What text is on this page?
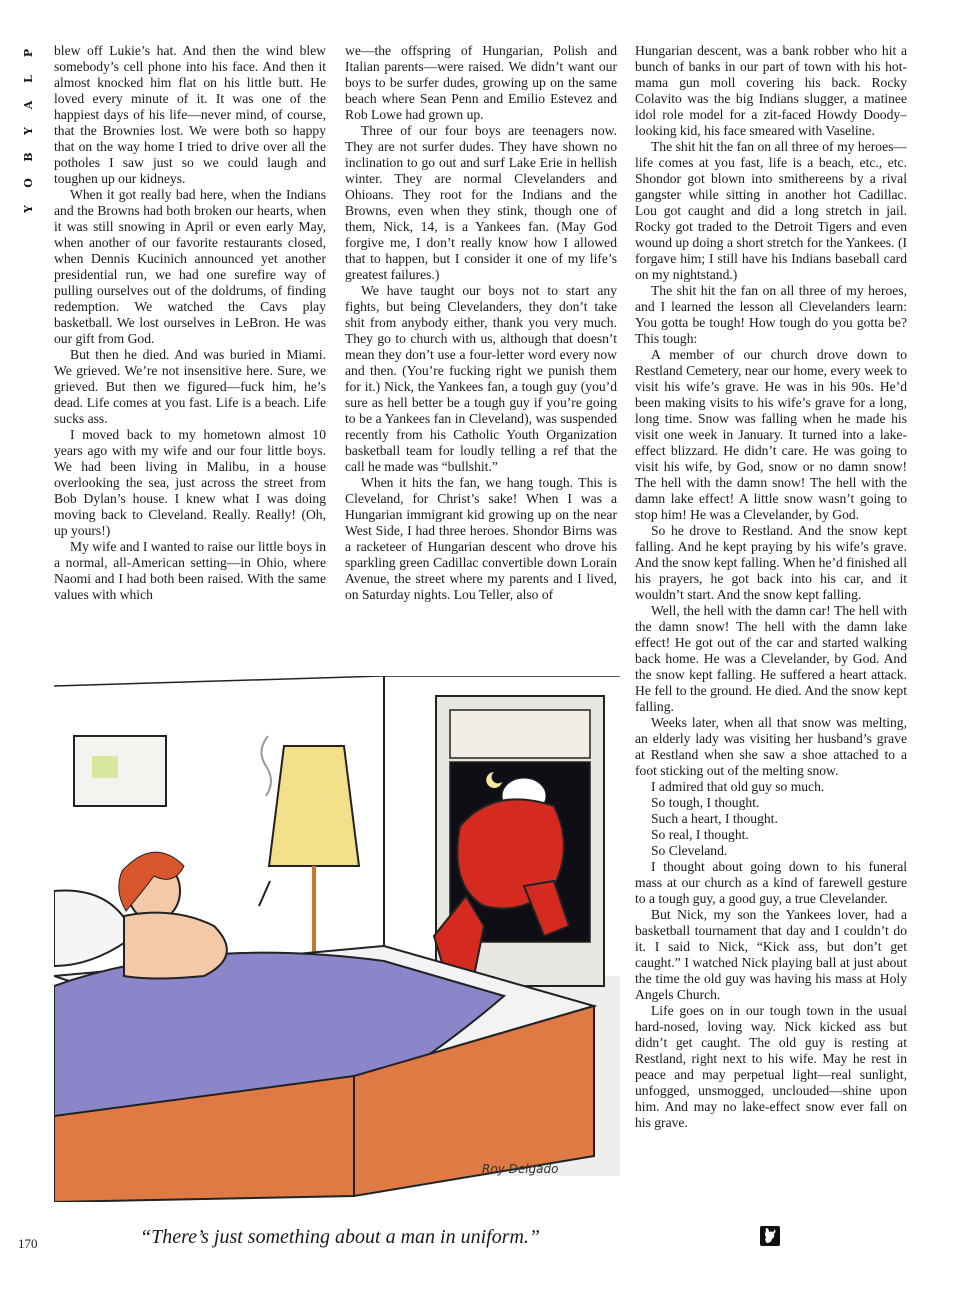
P
L
A
Y
B
O
Y

blew off Lukie’s hat. And then the wind blew somebody’s cell phone into his face. And then it almost knocked him flat on his little butt. He loved every minute of it. It was one of the happiest days of his life—never mind, of course, that the Brownies lost. We were both so happy that on the way home I tried to drive over all the potholes I saw just so we could laugh and toughen up our kidneys.

When it got really bad here, when the Indians and the Browns had both broken our hearts, when it was still snowing in April or even early May, when another of our favorite restaurants closed, when Dennis Kucinich announced yet another presidential run, we had one surefire way of pulling ourselves out of the doldrums, of finding redemption. We watched the Cavs play basketball. We lost ourselves in LeBron. He was our gift from God.

But then he died. And was buried in Miami. We grieved. We’re not insensitive here. Sure, we grieved. But then we figured—fuck him, he’s dead. Life comes at you fast. Life is a beach. Life sucks ass.

I moved back to my hometown almost 10 years ago with my wife and our four little boys. We had been living in Malibu, in a house overlooking the sea, just across the street from Bob Dylan’s house. I knew what I was doing moving back to Cleveland. Really. Really! (Oh, up yours!)

My wife and I wanted to raise our little boys in a normal, all-American setting—in Ohio, where Naomi and I had both been raised. With the same values with which

we—the offspring of Hungarian, Polish and Italian parents—were raised. We didn’t want our boys to be surfer dudes, growing up on the same beach where Sean Penn and Emilio Estevez and Rob Lowe had grown up.

Three of our four boys are teenagers now. They are not surfer dudes. They have shown no inclination to go out and surf Lake Erie in hellish winter. They are normal Clevelanders and Ohioans. They root for the Indians and the Browns, even when they stink, though one of them, Nick, 14, is a Yankees fan. (May God forgive me, I don’t really know how I allowed that to happen, but I consider it one of my life’s greatest failures.)

We have taught our boys not to start any fights, but being Clevelanders, they don’t take shit from anybody either, thank you very much. They go to church with us, although that doesn’t mean they don’t use a four-letter word every now and then. (You’re fucking right we punish them for it.) Nick, the Yankees fan, a tough guy (you’d sure as hell better be a tough guy if you’re going to be a Yankees fan in Cleveland), was suspended recently from his Catholic Youth Organization basketball team for loudly telling a ref that the call he made was “bullshit.”

When it hits the fan, we hang tough. This is Cleveland, for Christ’s sake! When I was a Hungarian immigrant kid growing up on the near West Side, I had three heroes. Shondor Birns was a racketeer of Hungarian descent who drove his sparkling green Cadillac convertible down Lorain Avenue, the street where my parents and I lived, on Saturday nights. Lou Teller, also of

Hungarian descent, was a bank robber who hit a bunch of banks in our part of town with his hot-mama gun moll covering his back. Rocky Colavito was the big Indians slugger, a matinee idol role model for a zit-faced Howdy Doody–looking kid, his face smeared with Vaseline.

The shit hit the fan on all three of my heroes—life comes at you fast, life is a beach, etc., etc. Shondor got blown into smithereens by a rival gangster while sitting in another hot Cadillac. Lou got caught and did a long stretch in jail. Rocky got traded to the Detroit Tigers and even wound up doing a short stretch for the Yankees. (I forgave him; I still have his Indians baseball card on my nightstand.)

The shit hit the fan on all three of my heroes, and I learned the lesson all Clevelanders learn: You gotta be tough! How tough do you gotta be? This tough:

A member of our church drove down to Restland Cemetery, near our home, every week to visit his wife’s grave. He was in his 90s. He’d been making visits to his wife’s grave for a long, long time. Snow was falling when he made his visit one week in January. It turned into a lake-effect blizzard. He didn’t care. He was going to visit his wife, by God, snow or no damn snow! The hell with the damn snow! The hell with the damn lake effect! A little snow wasn’t going to stop him! He was a Clevelander, by God.

So he drove to Restland. And the snow kept falling. And he kept praying by his wife’s grave. And the snow kept falling. When he’d finished all his prayers, he got back into his car, and it wouldn’t start. And the snow kept falling.

Well, the hell with the damn car! The hell with the damn snow! The hell with the damn lake effect! He got out of the car and started walking back home. He was a Clevelander, by God. And the snow kept falling. He suffered a heart attack. He fell to the ground. He died. And the snow kept falling.

Weeks later, when all that snow was melting, an elderly lady was visiting her husband’s grave at Restland when she saw a shoe attached to a foot sticking out of the melting snow.

I admired that old guy so much.

So tough, I thought.

Such a heart, I thought.

So real, I thought.

So Cleveland.

I thought about going down to his funeral mass at our church as a kind of farewell gesture to a tough guy, a good guy, a true Clevelander.

But Nick, my son the Yankees lover, had a basketball tournament that day and I couldn’t do it. I said to Nick, “Kick ass, but don’t get caught.” I watched Nick playing ball at just about the time the old guy was having his mass at Holy Angels Church.

Life goes on in our tough town in the usual hard-nosed, loving way. Nick kicked ass but didn’t get caught. The old guy is resting at Restland, right next to his wife. May he rest in peace and may perpetual light—real sunlight, unfogged, unsmogged, unclouded—shine upon him. And may no lake-effect snow ever fall on his grave.

Roy Delgado
“There’s just something about a man in uniform.”
170
